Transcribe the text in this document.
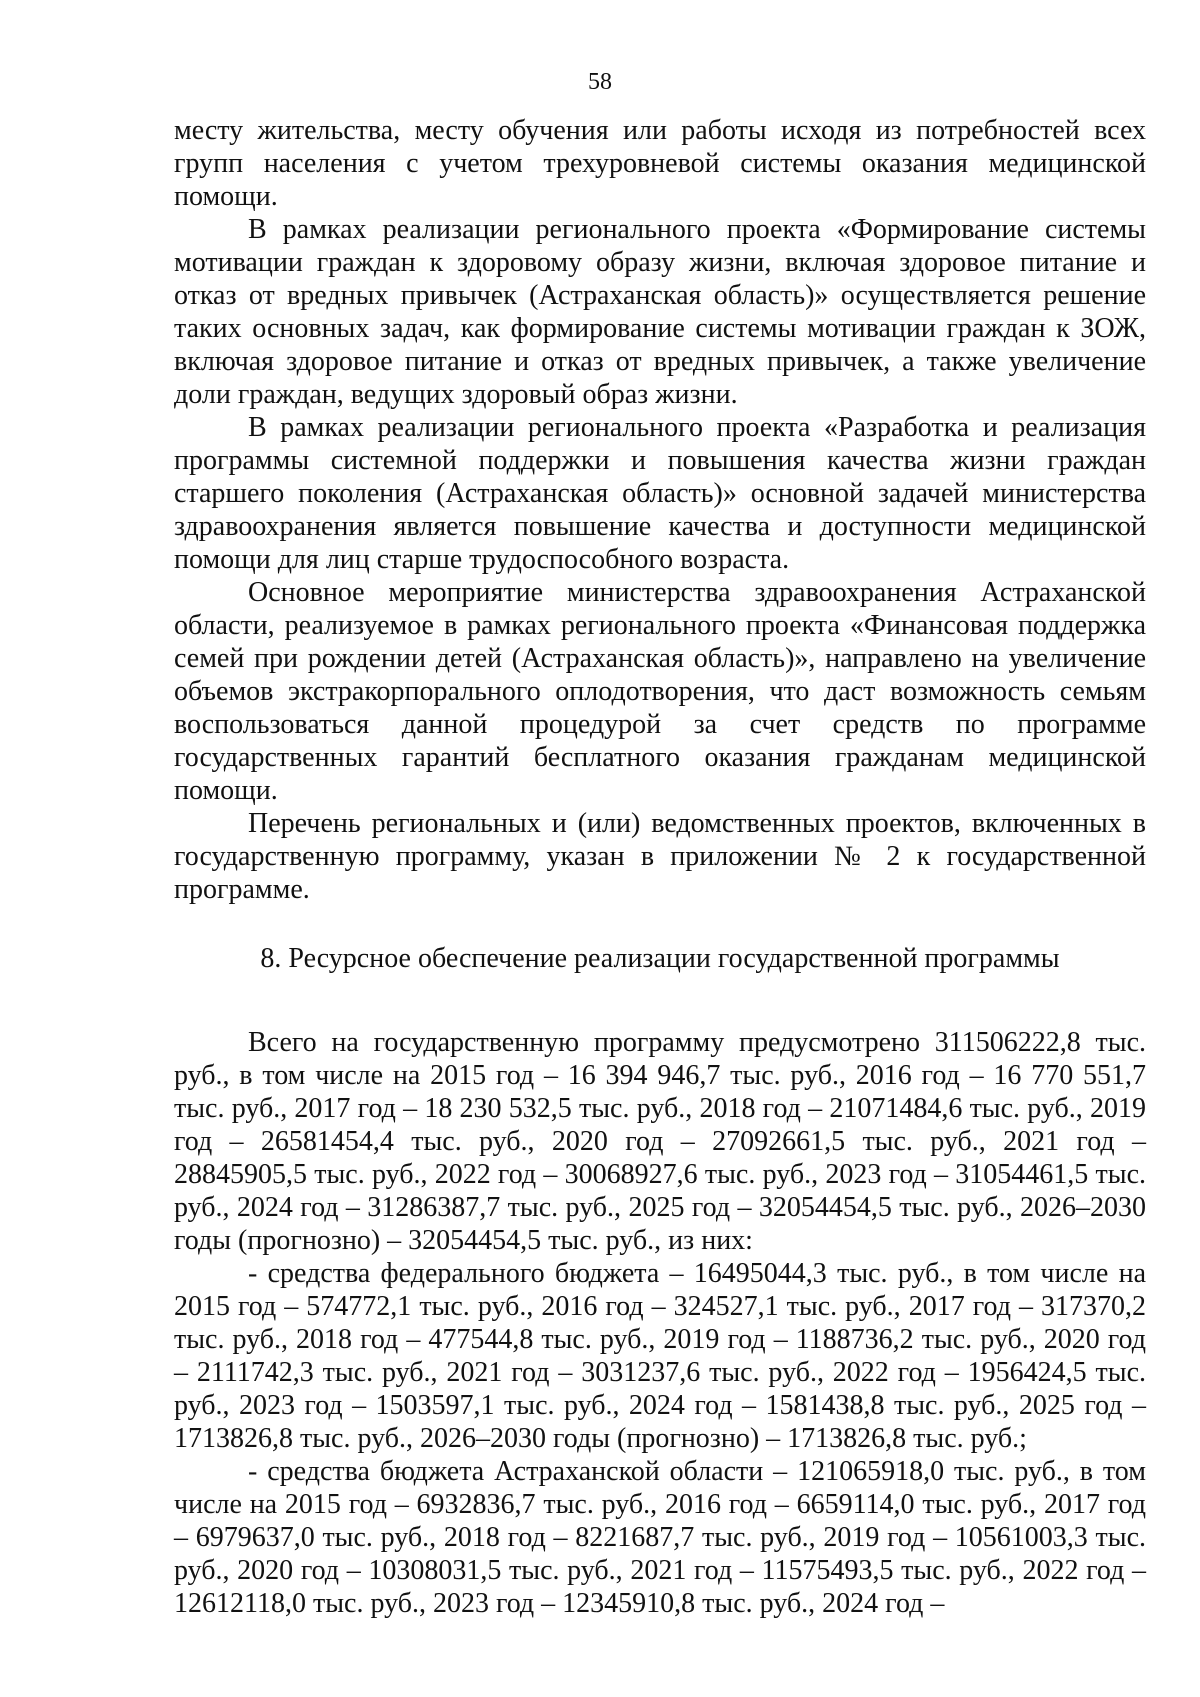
58

месту жительства, месту обучения или работы исходя из потребностей всех групп населения с учетом трехуровневой системы оказания медицинской помощи.

В рамках реализации регионального проекта «Формирование системы мотивации граждан к здоровому образу жизни, включая здоровое питание и отказ от вредных привычек (Астраханская область)» осуществляется решение таких основных задач, как формирование системы мотивации граждан к ЗОЖ, включая здоровое питание и отказ от вредных привычек, а также увеличение доли граждан, ведущих здоровый образ жизни.

В рамках реализации регионального проекта «Разработка и реализация программы системной поддержки и повышения качества жизни граждан старшего поколения (Астраханская область)» основной задачей министерства здравоохранения является повышение качества и доступности медицинской помощи для лиц старше трудоспособного возраста.

Основное мероприятие министерства здравоохранения Астраханской области, реализуемое в рамках регионального проекта «Финансовая поддержка семей при рождении детей (Астраханская область)», направлено на увеличение объемов экстракорпорального оплодотворения, что даст возможность семьям воспользоваться данной процедурой за счет средств по программе государственных гарантий бесплатного оказания гражданам медицинской помощи.

Перечень региональных и (или) ведомственных проектов, включенных в государственную программу, указан в приложении № 2 к государственной программе.

8. Ресурсное обеспечение реализации государственной программы

Всего на государственную программу предусмотрено 311506222,8 тыс. руб., в том числе на 2015 год – 16 394 946,7 тыс. руб., 2016 год – 16 770 551,7 тыс. руб., 2017 год – 18 230 532,5 тыс. руб., 2018 год – 21071484,6 тыс. руб., 2019 год – 26581454,4 тыс. руб., 2020 год – 27092661,5 тыс. руб., 2021 год – 28845905,5 тыс. руб., 2022 год – 30068927,6 тыс. руб., 2023 год – 31054461,5 тыс. руб., 2024 год – 31286387,7 тыс. руб., 2025 год – 32054454,5 тыс. руб., 2026–2030 годы (прогнозно) – 32054454,5 тыс. руб., из них:

- средства федерального бюджета – 16495044,3 тыс. руб., в том числе на 2015 год – 574772,1 тыс. руб., 2016 год – 324527,1 тыс. руб., 2017 год – 317370,2 тыс. руб., 2018 год – 477544,8 тыс. руб., 2019 год – 1188736,2 тыс. руб., 2020 год – 2111742,3 тыс. руб., 2021 год – 3031237,6 тыс. руб., 2022 год – 1956424,5 тыс. руб., 2023 год – 1503597,1 тыс. руб., 2024 год – 1581438,8 тыс. руб., 2025 год – 1713826,8 тыс. руб., 2026–2030 годы (прогнозно) – 1713826,8 тыс. руб.;

- средства бюджета Астраханской области – 121065918,0 тыс. руб., в том числе на 2015 год – 6932836,7 тыс. руб., 2016 год – 6659114,0 тыс. руб., 2017 год – 6979637,0 тыс. руб., 2018 год – 8221687,7 тыс. руб., 2019 год – 10561003,3 тыс. руб., 2020 год – 10308031,5 тыс. руб., 2021 год – 11575493,5 тыс. руб., 2022 год – 12612118,0 тыс. руб., 2023 год – 12345910,8 тыс. руб., 2024 год –
